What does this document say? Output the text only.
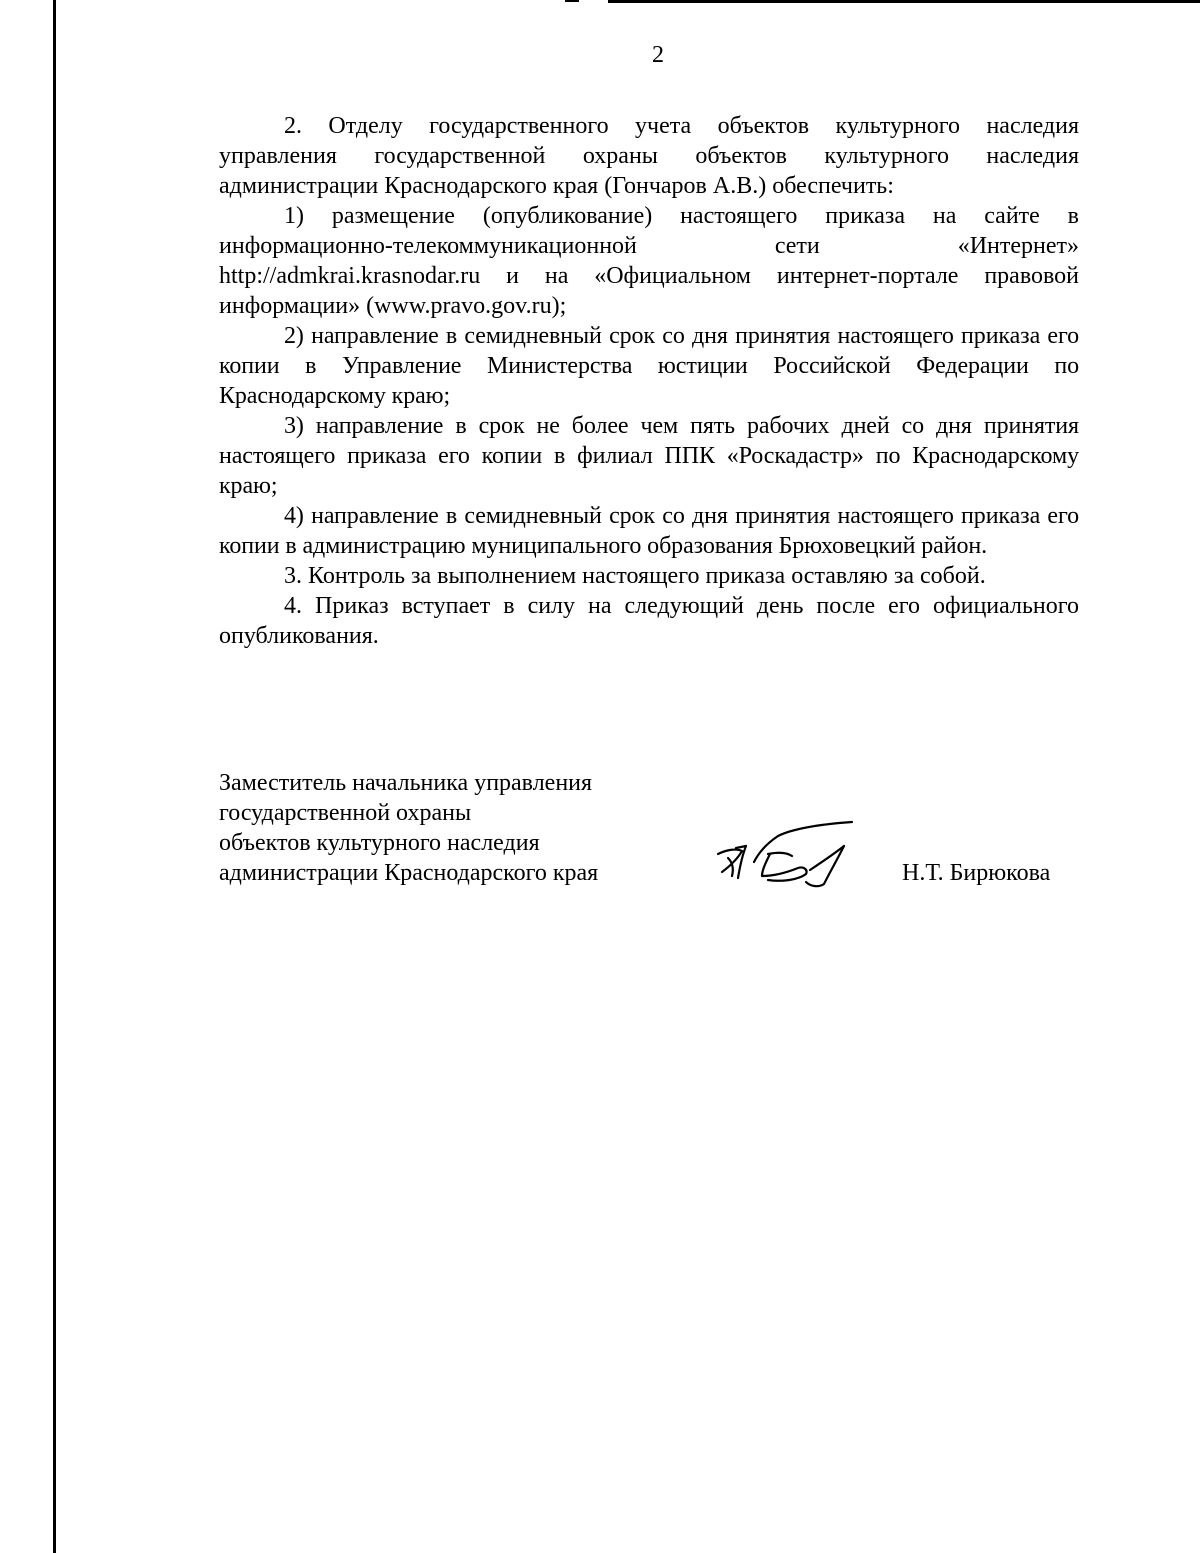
2

2. Отделу государственного учета объектов культурного наследия управления государственной охраны объектов культурного наследия администрации Краснодарского края (Гончаров А.В.) обеспечить:

1) размещение (опубликование) настоящего приказа на сайте в информационно-телекоммуникационной сети «Интернет» http://admkrai.krasnodar.ru и на «Официальном интернет-портале правовой информации» (www.pravo.gov.ru);

2) направление в семидневный срок со дня принятия настоящего приказа его копии в Управление Министерства юстиции Российской Федерации по Краснодарскому краю;

3) направление в срок не более чем пять рабочих дней со дня принятия настоящего приказа его копии в филиал ППК «Роскадастр» по Краснодарскому краю;

4) направление в семидневный срок со дня принятия настоящего приказа его копии в администрацию муниципального образования Брюховецкий район.

3. Контроль за выполнением настоящего приказа оставляю за собой.

4. Приказ вступает в силу на следующий день после его официального опубликования.

Заместитель начальника управления
государственной охраны
объектов культурного наследия
администрации Краснодарского края	Н.Т. Бирюкова
